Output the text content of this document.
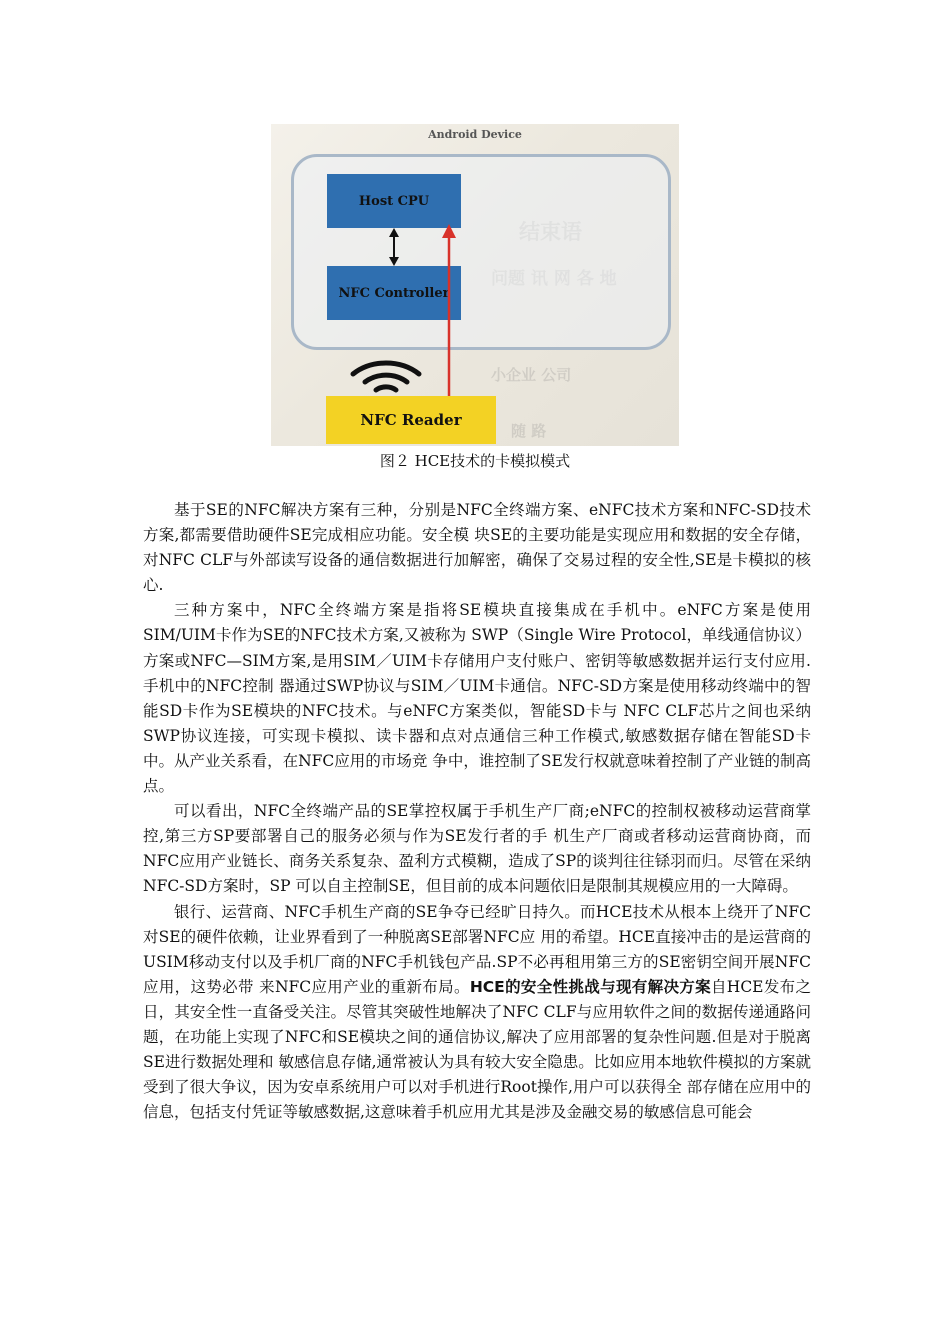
小企业 公司
随 路
Android Device
Host CPU
NFC Controller
NFC Reader
图２ HCE技术的卡模拟模式

基于SE的NFC解决方案有三种，分别是NFC全终端方案、eNFC技术方案和NFC-SD技术方案,都需要借助硬件SE完成相应功能。安全模 块SE的主要功能是实现应用和数据的安全存储，对NFC CLF与外部读写设备的通信数据进行加解密，确保了交易过程的安全性,SE是卡模拟的核心.

三种方案中，NFC全终端方案是指将SE模块直接集成在手机中。eNFC方案是使用SIM/UIM卡作为SE的NFC技术方案,又被称为 SWP（Single Wire Protocol，单线通信协议）方案或NFC—SIM方案,是用SIM／UIM卡存储用户支付账户、密钥等敏感数据并运行支付应用.手机中的NFC控制 器通过SWP协议与SIM／UIM卡通信。NFC-SD方案是使用移动终端中的智能SD卡作为SE模块的NFC技术。与eNFC方案类似，智能SD卡与 NFC CLF芯片之间也采纳SWP协议连接，可实现卡模拟、读卡器和点对点通信三种工作模式,敏感数据存储在智能SD卡中。从产业关系看，在NFC应用的市场竞 争中，谁控制了SE发行权就意味着控制了产业链的制高点。

可以看出，NFC全终端产品的SE掌控权属于手机生产厂商;eNFC的控制权被移动运营商掌控,第三方SP要部署自己的服务必须与作为SE发行者的手 机生产厂商或者移动运营商协商，而NFC应用产业链长、商务关系复杂、盈利方式模糊，造成了SP的谈判往往铩羽而归。尽管在采纳NFC-SD方案时，SP 可以自主控制SE，但目前的成本问题依旧是限制其规模应用的一大障碍。

银行、运营商、NFC手机生产商的SE争夺已经旷日持久。而HCE技术从根本上绕开了NFC对SE的硬件依赖，让业界看到了一种脱离SE部署NFC应 用的希望。HCE直接冲击的是运营商的USIM移动支付以及手机厂商的NFC手机钱包产品.SP不必再租用第三方的SE密钥空间开展NFC应用，这势必带 来NFC应用产业的重新布局。HCE的安全性挑战与现有解决方案自HCE发布之日，其安全性一直备受关注。尽管其突破性地解决了NFC CLF与应用软件之间的数据传递通路问题，在功能上实现了NFC和SE模块之间的通信协议,解决了应用部署的复杂性问题.但是对于脱离SE进行数据处理和 敏感信息存储,通常被认为具有较大安全隐患。比如应用本地软件模拟的方案就受到了很大争议，因为安卓系统用户可以对手机进行Root操作,用户可以获得全 部存储在应用中的信息，包括支付凭证等敏感数据,这意味着手机应用尤其是涉及金融交易的敏感信息可能会
